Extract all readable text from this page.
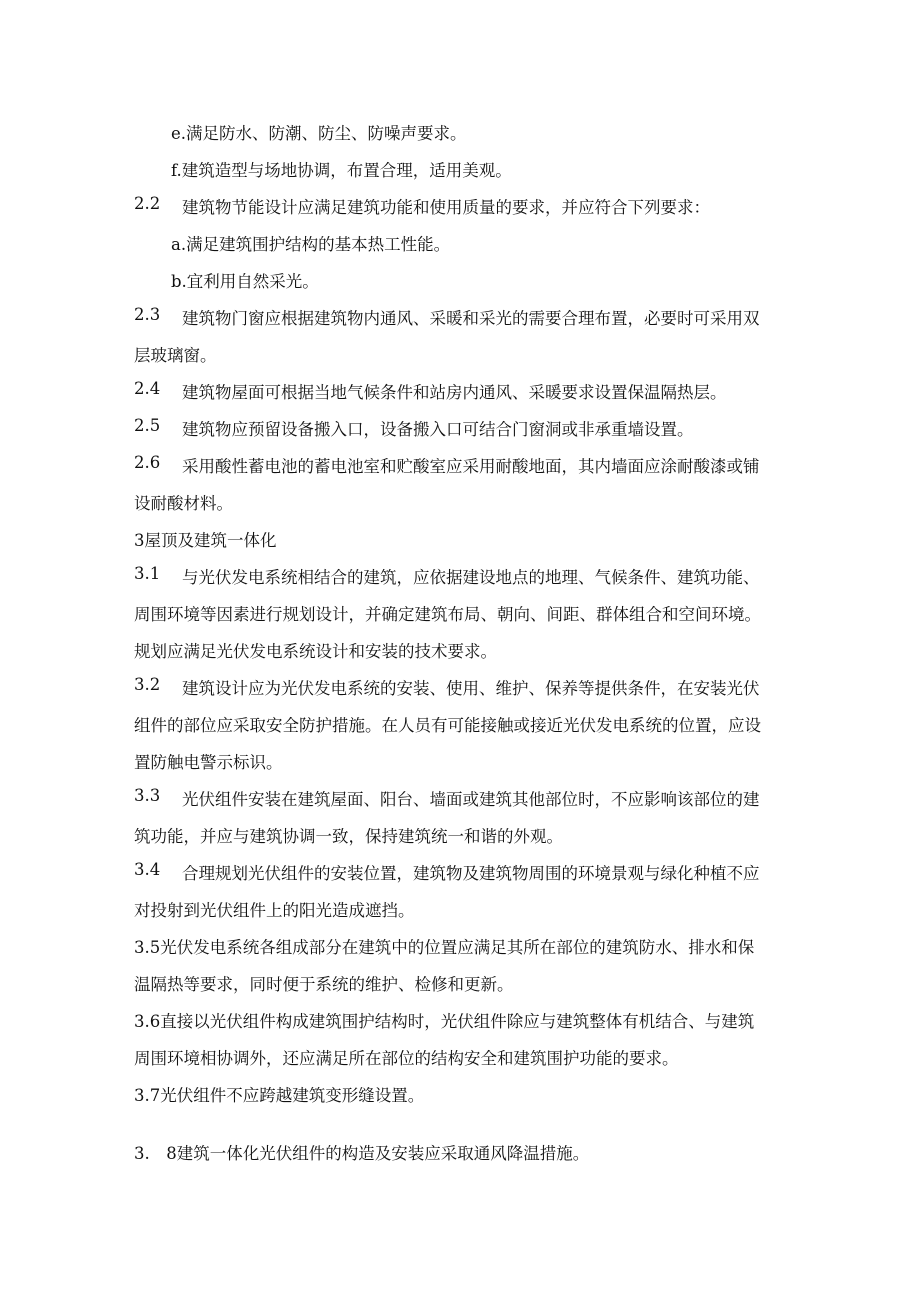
e.满足防水、防潮、防尘、防噪声要求。
f.建筑造型与场地协调，布置合理，适用美观。
2.2 建筑物节能设计应满足建筑功能和使用质量的要求，并应符合下列要求：
a.满足建筑围护结构的基本热工性能。
b.宜利用自然采光。
2.3 建筑物门窗应根据建筑物内通风、采暖和采光的需要合理布置，必要时可采用双
层玻璃窗。
2.4 建筑物屋面可根据当地气候条件和站房内通风、采暖要求设置保温隔热层。
2.5 建筑物应预留设备搬入口，设备搬入口可结合门窗洞或非承重墙设置。
2.6 采用酸性蓄电池的蓄电池室和贮酸室应采用耐酸地面，其内墙面应涂耐酸漆或铺
设耐酸材料。
3屋顶及建筑一体化
3.1 与光伏发电系统相结合的建筑，应依据建设地点的地理、气候条件、建筑功能、
周围环境等因素进行规划设计，并确定建筑布局、朝向、间距、群体组合和空间环境。
规划应满足光伏发电系统设计和安装的技术要求。
3.2 建筑设计应为光伏发电系统的安装、使用、维护、保养等提供条件，在安装光伏
组件的部位应采取安全防护措施。在人员有可能接触或接近光伏发电系统的位置，应设
置防触电警示标识。
3.3 光伏组件安装在建筑屋面、阳台、墙面或建筑其他部位时，不应影响该部位的建
筑功能，并应与建筑协调一致，保持建筑统一和谐的外观。
3.4 合理规划光伏组件的安装位置，建筑物及建筑物周围的环境景观与绿化种植不应
对投射到光伏组件上的阳光造成遮挡。
3.5光伏发电系统各组成部分在建筑中的位置应满足其所在部位的建筑防水、排水和保
温隔热等要求，同时便于系统的维护、检修和更新。
3.6直接以光伏组件构成建筑围护结构时，光伏组件除应与建筑整体有机结合、与建筑
周围环境相协调外，还应满足所在部位的结构安全和建筑围护功能的要求。
3.7光伏组件不应跨越建筑变形缝设置。
3.　8建筑一体化光伏组件的构造及安装应采取通风降温措施。
